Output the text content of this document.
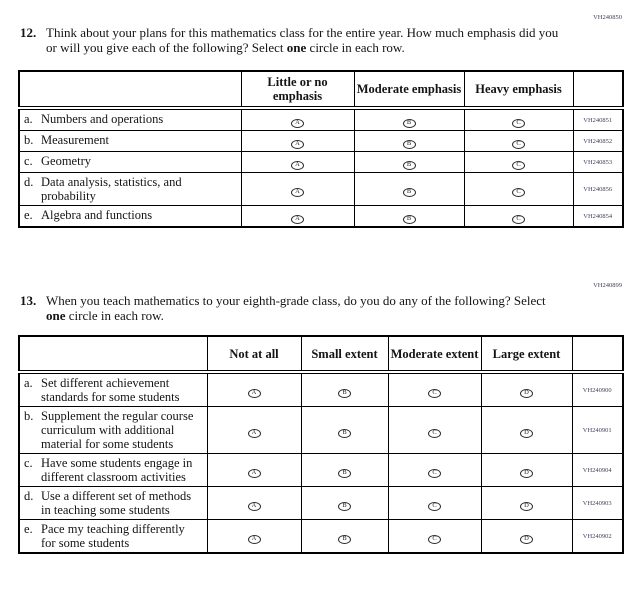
VH240850
12. Think about your plans for this mathematics class for the entire year. How much emphasis did you or will you give each of the following? Select one circle in each row.
	Little or no emphasis	Moderate emphasis	Heavy emphasis	

a. Numbers and operations	A	B	C	VH240851

b. Measurement	A	B	C	VH240852

c. Geometry	A	B	C	VH240853

d. Data analysis, statistics, and probability	A	B	C	VH240856

e. Algebra and functions	A	B	C	VH240854
VH240899
13. When you teach mathematics to your eighth-grade class, do you do any of the following? Select one circle in each row.
	Not at all	Small extent	Moderate extent	Large extent	

a. Set different achievement standards for some students	A	B	C	D	VH240900

b. Supplement the regular course curriculum with additional material for some students	A	B	C	D	VH240901

c. Have some students engage in different classroom activities	A	B	C	D	VH240904

d. Use a different set of methods in teaching some students	A	B	C	D	VH240903

e. Pace my teaching differently for some students	A	B	C	D	VH240902
